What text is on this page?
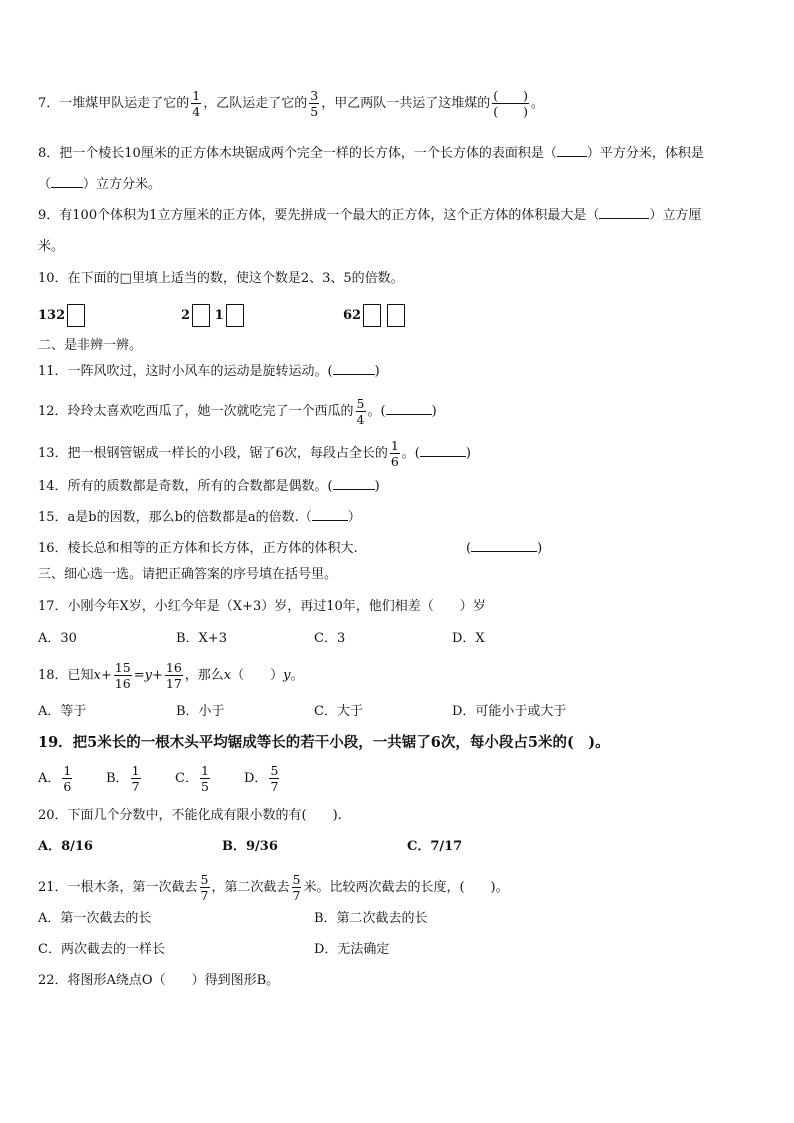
7．一堆煤甲队运走了它的 $\frac{1}{4}$ ，乙队运走了它的 $\frac{3}{5}$ ，甲乙两队一共运了这堆煤的 $\frac{( )}{( )}$ 。
8．把一个棱长10厘米的正方体木块锯成两个完全一样的长方体，一个长方体的表面积是（ ）平方分米，体积是
（ ）立方分米。
9．有100个体积为1立方厘米的正方体，要先拼成一个最大的正方体，这个正方体的体积最大是（	）立方厘
米。
10．在下面的□里填上适当的数，使这个数是2、3、5的倍数。
132	2 1	62
二、是非辨一辨。
11．一阵风吹过，这时小风车的运动是旋转运动。(	)
12．玲玲太喜欢吃西瓜了，她一次就吃完了一个西瓜的 $\frac{5}{4}$ 。(	)
13．把一根钢管锯成一样长的小段，锯了6次，每段占全长的 $\frac{1}{6}$ 。(	)
14．所有的质数都是奇数，所有的合数都是偶数。(	)
15．a是b的因数，那么b的倍数都是a的倍数.（	）
16．棱长总和相等的正方体和长方体，正方体的体积大.	(	)
三、细心选一选。请把正确答案的序号填在括号里。
17．小刚今年X岁，小红今年是（X+3）岁，再过10年，他们相差（　　）岁
A．30	B．X+3	C．3	D．X
18．已知$x+ \frac{15}{16} =y+ \frac{16}{17}$ ，那么x（　　）y。
A．等于	B．小于	C．大于	D．可能小于或大于
19．把5米长的一根木头平均锯成等长的若干小段，一共锯了6次，每小段占5米的(　)。
A． $\frac{1}{6}$	B． $\frac{1}{7}$	C． $\frac{1}{5}$	D． $\frac{5}{7}$
20．下面几个分数中，不能化成有限小数的有(　　).
A．8/16	B．9/36	C．7/17
21．一根木条，第一次截去 $\frac{5}{7}$ ，第二次截去 $\frac{5}{7}$ 米。比较两次截去的长度，(　　)。
A．第一次截去的长	B．第二次截去的长
C．两次截去的一样长	D．无法确定
22．将图形A绕点O（　　）得到图形B。
